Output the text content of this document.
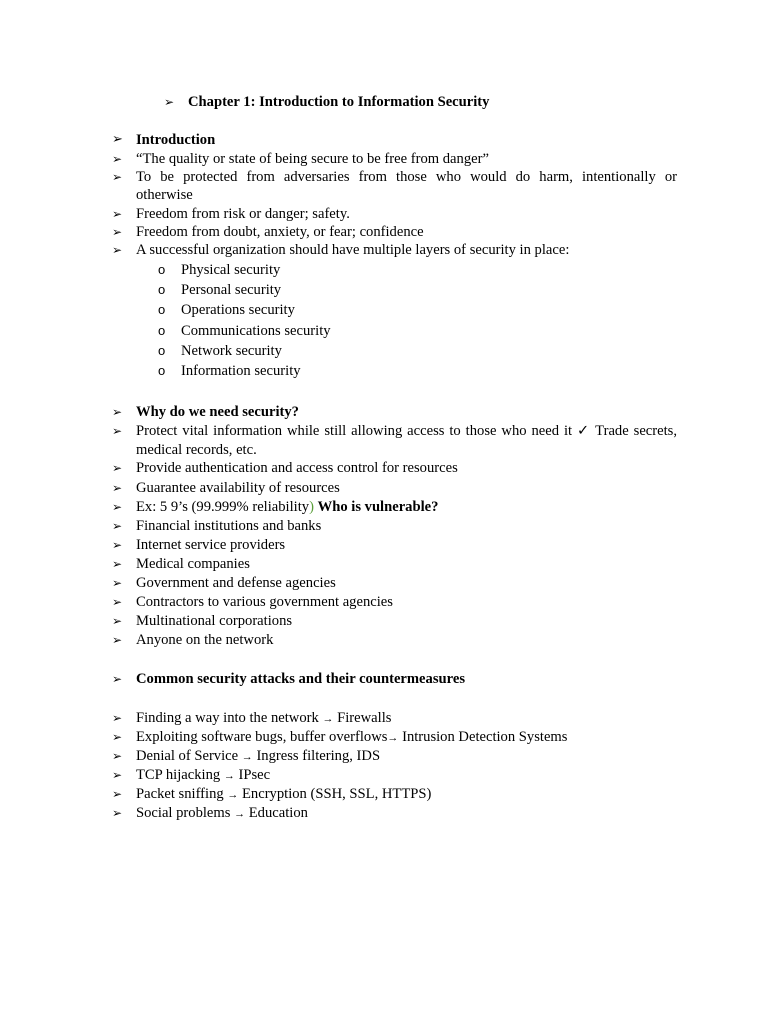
➢ Chapter 1: Introduction to Information Security
➢ Introduction
➢ “The quality or state of being secure to be free from danger”
➢ To be protected from adversaries from those who would do harm, intentionally or
otherwise
➢ Freedom from risk or danger; safety.
➢ Freedom from doubt, anxiety, or fear; confidence
➢ A successful organization should have multiple layers of security in place:
o Physical security
o Personal security
o Operations security
o Communications security
o Network security
o Information security
➢ Why do we need security?
➢ Protect vital information while still allowing access to those who need it ✓ Trade secrets,
medical records, etc.
➢ Provide authentication and access control for resources
➢ Guarantee availability of resources
➢ Ex: 5 9’s (99.999% reliability) Who is vulnerable?
➢ Financial institutions and banks
➢ Internet service providers
➢ Medical companies
➢ Government and defense agencies
➢ Contractors to various government agencies
➢ Multinational corporations
➢ Anyone on the network
➢ Common security attacks and their countermeasures
➢ Finding a way into the network → Firewalls
➢ Exploiting software bugs, buffer overflows→ Intrusion Detection Systems
➢ Denial of Service → Ingress filtering, IDS
➢ TCP hijacking → IPsec
➢ Packet sniffing → Encryption (SSH, SSL, HTTPS)
➢ Social problems → Education
